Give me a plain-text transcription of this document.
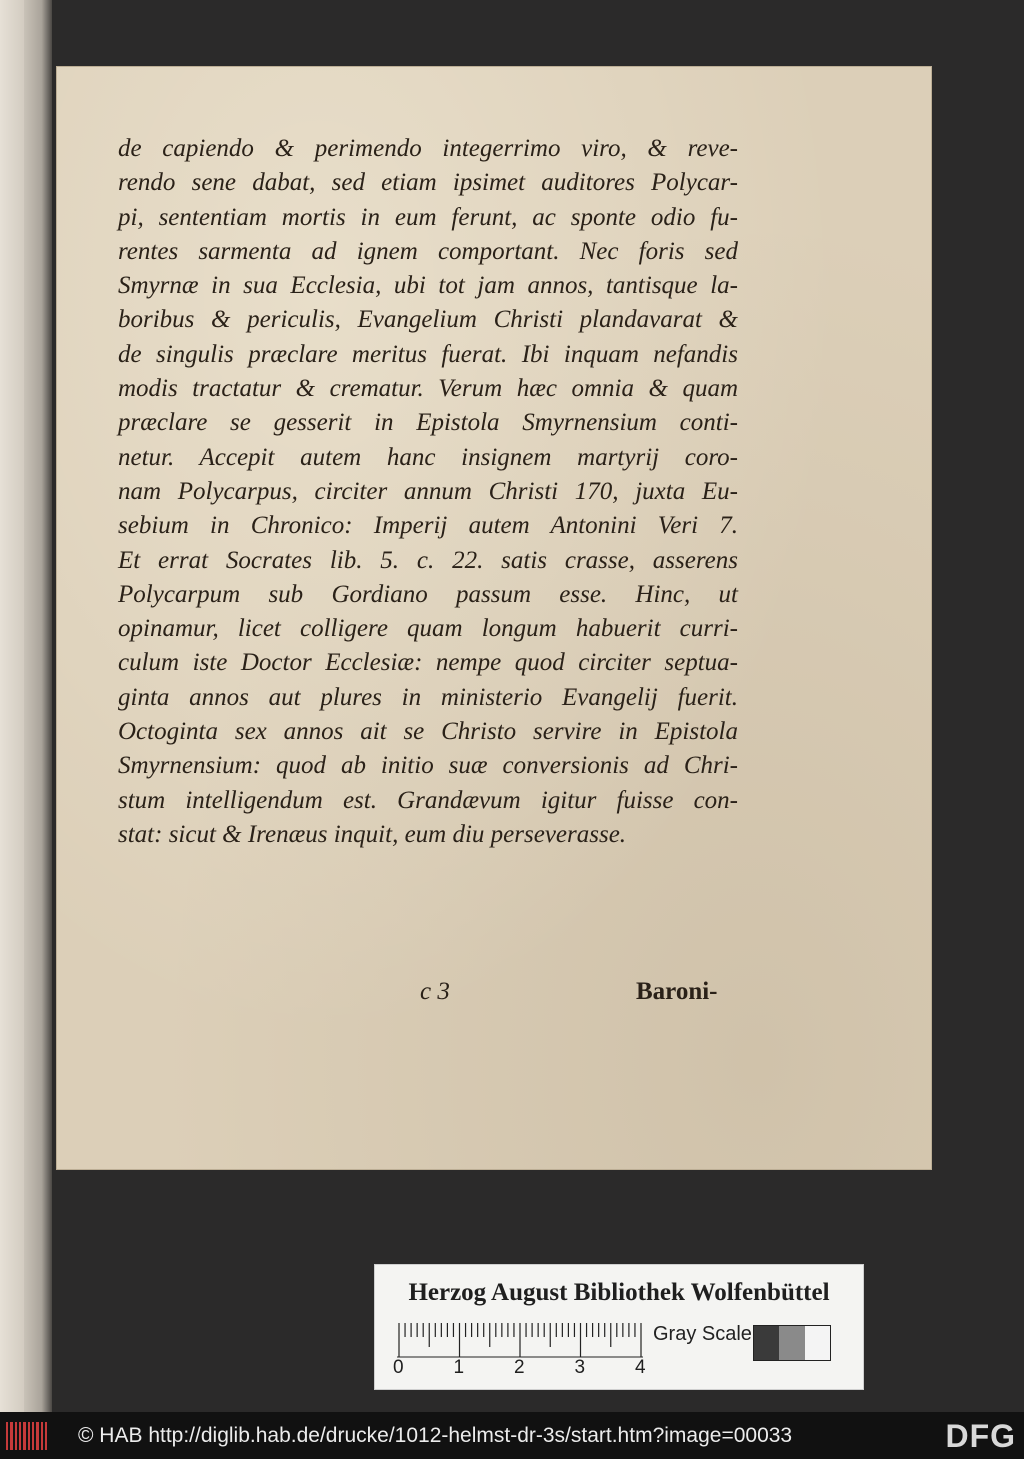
de capiendo & perimendo integerrimo viro, & reve-
rendo sene dabat, sed etiam ipsimet auditores Polycar-
pi, sententiam mortis in eum ferunt, ac sponte odio fu-
rentes sarmenta ad ignem comportant. Nec foris sed
Smyrnæ in sua Ecclesia, ubi tot jam annos, tantisque la-
boribus & periculis, Evangelium Christi plandavarat &
de singulis præclare meritus fuerat. Ibi inquam nefandis
modis tractatur & crematur. Verum hæc omnia & quam
præclare se gesserit in Epistola Smyrnensium conti-
netur. Accepit autem hanc insignem martyrij coro-
nam Polycarpus, circiter annum Christi 170, juxta Eu-
sebium in Chronico: Imperij autem Antonini Veri 7.
Et errat Socrates lib. 5. c. 22. satis crasse, asserens
Polycarpum sub Gordiano passum esse. Hinc, ut
opinamur, licet colligere quam longum habuerit curri-
culum iste Doctor Ecclesiæ: nempe quod circiter septua-
ginta annos aut plures in ministerio Evangelij fuerit.
Octoginta sex annos ait se Christo servire in Epistola
Smyrnensium: quod ab initio suæ conversionis ad Chri-
stum intelligendum est. Grandævum igitur fuisse con-
stat: sicut & Irenæus inquit, eum diu perseverasse.
c 3	Baroni-
Herzog August Bibliothek Wolfenbüttel
0	1	2	3	4
Gray Scale
© HAB http://diglib.hab.de/drucke/1012-helmst-dr-3s/start.htm?image=00033	DFG
